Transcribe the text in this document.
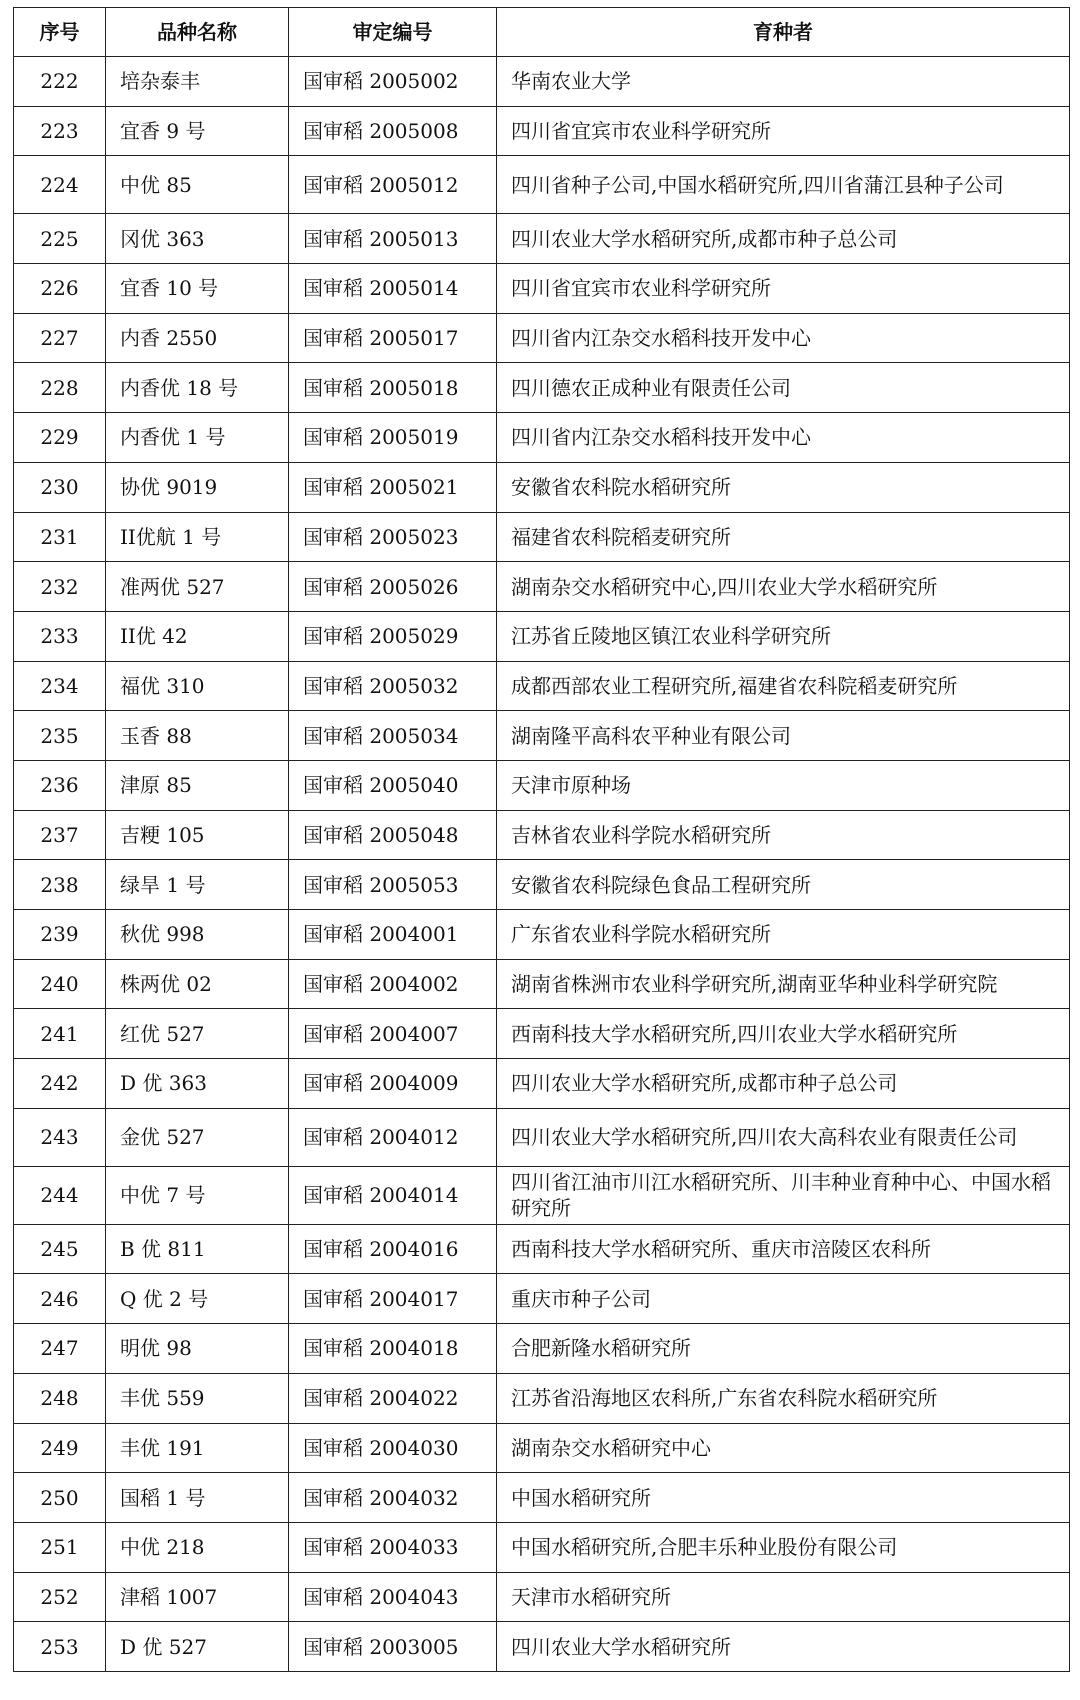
序号	品种名称	审定编号	育种者
222	培杂泰丰	国审稻 2005002	华南农业大学
223	宜香 9 号	国审稻 2005008	四川省宜宾市农业科学研究所
224	中优 85	国审稻 2005012	四川省种子公司,中国水稻研究所,四川省蒲江县种子公司
225	冈优 363	国审稻 2005013	四川农业大学水稻研究所,成都市种子总公司
226	宜香 10 号	国审稻 2005014	四川省宜宾市农业科学研究所
227	内香 2550	国审稻 2005017	四川省内江杂交水稻科技开发中心
228	内香优 18 号	国审稻 2005018	四川德农正成种业有限责任公司
229	内香优 1 号	国审稻 2005019	四川省内江杂交水稻科技开发中心
230	协优 9019	国审稻 2005021	安徽省农科院水稻研究所
231	II优航 1 号	国审稻 2005023	福建省农科院稻麦研究所
232	准两优 527	国审稻 2005026	湖南杂交水稻研究中心,四川农业大学水稻研究所
233	II优 42	国审稻 2005029	江苏省丘陵地区镇江农业科学研究所
234	福优 310	国审稻 2005032	成都西部农业工程研究所,福建省农科院稻麦研究所
235	玉香 88	国审稻 2005034	湖南隆平高科农平种业有限公司
236	津原 85	国审稻 2005040	天津市原种场
237	吉粳 105	国审稻 2005048	吉林省农业科学院水稻研究所
238	绿旱 1 号	国审稻 2005053	安徽省农科院绿色食品工程研究所
239	秋优 998	国审稻 2004001	广东省农业科学院水稻研究所
240	株两优 02	国审稻 2004002	湖南省株洲市农业科学研究所,湖南亚华种业科学研究院
241	红优 527	国审稻 2004007	西南科技大学水稻研究所,四川农业大学水稻研究所
242	D 优 363	国审稻 2004009	四川农业大学水稻研究所,成都市种子总公司
243	金优 527	国审稻 2004012	四川农业大学水稻研究所,四川农大高科农业有限责任公司
244	中优 7 号	国审稻 2004014	四川省江油市川江水稻研究所、川丰种业育种中心、中国水稻研究所
245	B 优 811	国审稻 2004016	西南科技大学水稻研究所、重庆市涪陵区农科所
246	Q 优 2 号	国审稻 2004017	重庆市种子公司
247	明优 98	国审稻 2004018	合肥新隆水稻研究所
248	丰优 559	国审稻 2004022	江苏省沿海地区农科所,广东省农科院水稻研究所
249	丰优 191	国审稻 2004030	湖南杂交水稻研究中心
250	国稻 1 号	国审稻 2004032	中国水稻研究所
251	中优 218	国审稻 2004033	中国水稻研究所,合肥丰乐种业股份有限公司
252	津稻 1007	国审稻 2004043	天津市水稻研究所
253	D 优 527	国审稻 2003005	四川农业大学水稻研究所
